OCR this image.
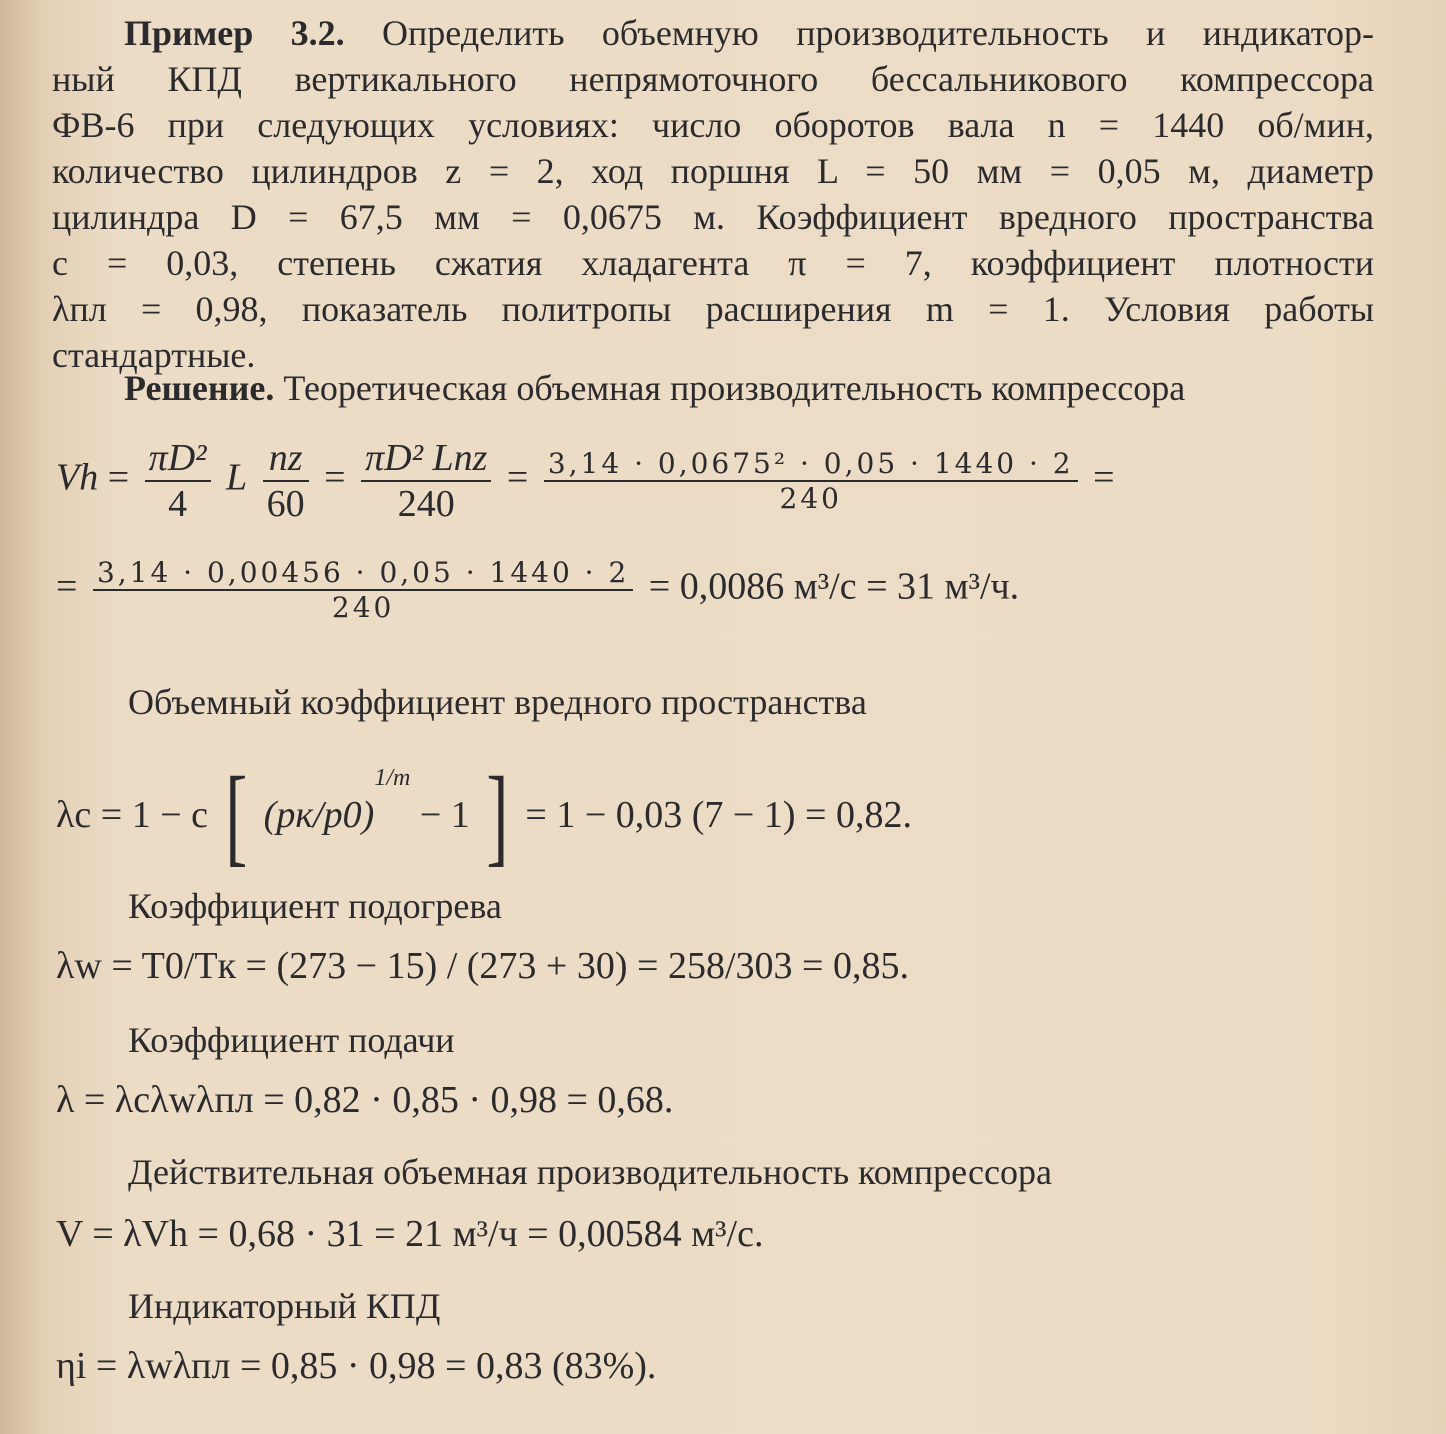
Пример 3.2. Определить объемную производительность и индикатор-
ный КПД вертикального непрямоточного бессальникового компрессора
ФВ-6 при следующих условиях: число оборотов вала n = 1440 об/мин,
количество цилиндров z = 2, ход поршня L = 50 мм = 0,05 м, диаметр
цилиндра D = 67,5 мм = 0,0675 м. Коэффициент вредного пространства
c = 0,03, степень сжатия хладагента π = 7, коэффициент плотности
λпл = 0,98, показатель политропы расширения m = 1. Условия работы
стандартные.
Решение. Теоретическая объемная производительность компрессора
$Vh = \frac{\text{πD²}}{4}$ L $\frac{nz}{60} = \frac{\text{πD² Lnz}}{240} = \frac{\text{3,14 · 0,0675² · 0,05 · 1440 · 2}}{240}$ =
= $\frac{3,14 \cdot 0,00456 \cdot 0,05 \cdot 1440 \cdot 2}{240} = 0,0086$ м³/с = 31 м³/ч.
Объемный коэффициент вредного пространства
λc = 1 − c [ $(pк/p0)^{1/m} - 1$ ] = 1 − 0,03 (7 − 1) = 0,82.
Коэффициент подогрева
λw = T0/Tк = (273 − 15) / (273 + 30) = 258/303 = 0,85.
Коэффициент подачи
λ = λcλwλпл = 0,82 · 0,85 · 0,98 = 0,68.
Действительная объемная производительность компрессора
V = λVh = 0,68 · 31 = 21 м³/ч = 0,00584 м³/с.
Индикаторный КПД
ηi = λwλпл = 0,85 · 0,98 = 0,83 (83%).
